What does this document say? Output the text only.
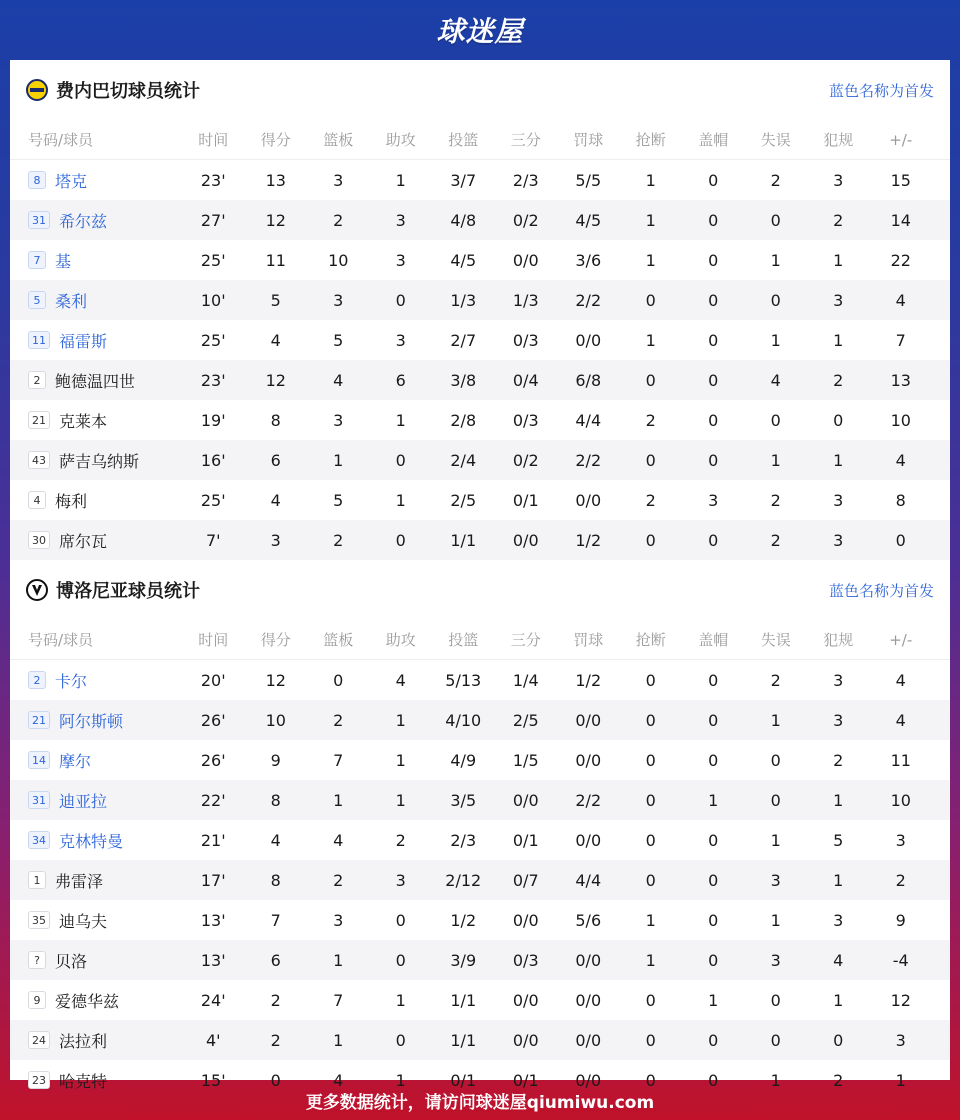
球迷屋
费内巴切球员统计	蓝色名称为首发
号码/球员	时间	得分	篮板	助攻	投篮	三分	罚球	抢断	盖帽	失误	犯规	+/-
8 塔克	23'	13	3	1	3/7	2/3	5/5	1	0	2	3	15
31 希尔兹	27'	12	2	3	4/8	0/2	4/5	1	0	0	2	14
7 基	25'	11	10	3	4/5	0/0	3/6	1	0	1	1	22
5 桑利	10'	5	3	0	1/3	1/3	2/2	0	0	0	3	4
11 福雷斯	25'	4	5	3	2/7	0/3	0/0	1	0	1	1	7
2 鲍德温四世	23'	12	4	6	3/8	0/4	6/8	0	0	4	2	13
21 克莱本	19'	8	3	1	2/8	0/3	4/4	2	0	0	0	10
43 萨吉乌纳斯	16'	6	1	0	2/4	0/2	2/2	0	0	1	1	4
4 梅利	25'	4	5	1	2/5	0/1	0/0	2	3	2	3	8
30 席尔瓦	7'	3	2	0	1/1	0/0	1/2	0	0	2	3	0
博洛尼亚球员统计	蓝色名称为首发
号码/球员	时间	得分	篮板	助攻	投篮	三分	罚球	抢断	盖帽	失误	犯规	+/-
2 卡尔	20'	12	0	4	5/13	1/4	1/2	0	0	2	3	4
21 阿尔斯顿	26'	10	2	1	4/10	2/5	0/0	0	0	1	3	4
14 摩尔	26'	9	7	1	4/9	1/5	0/0	0	0	0	2	11
31 迪亚拉	22'	8	1	1	3/5	0/0	2/2	0	1	0	1	10
34 克林特曼	21'	4	4	2	2/3	0/1	0/0	0	0	1	5	3
1 弗雷泽	17'	8	2	3	2/12	0/7	4/4	0	0	3	1	2
35 迪乌夫	13'	7	3	0	1/2	0/0	5/6	1	0	1	3	9
? 贝洛	13'	6	1	0	3/9	0/3	0/0	1	0	3	4	-4
9 爱德华兹	24'	2	7	1	1/1	0/0	0/0	0	1	0	1	12
24 法拉利	4'	2	1	0	1/1	0/0	0/0	0	0	0	0	3
23 哈克特	15'	0	4	1	0/1	0/1	0/0	0	0	1	2	1
更多数据统计，请访问球迷屋qiumiwu.com
